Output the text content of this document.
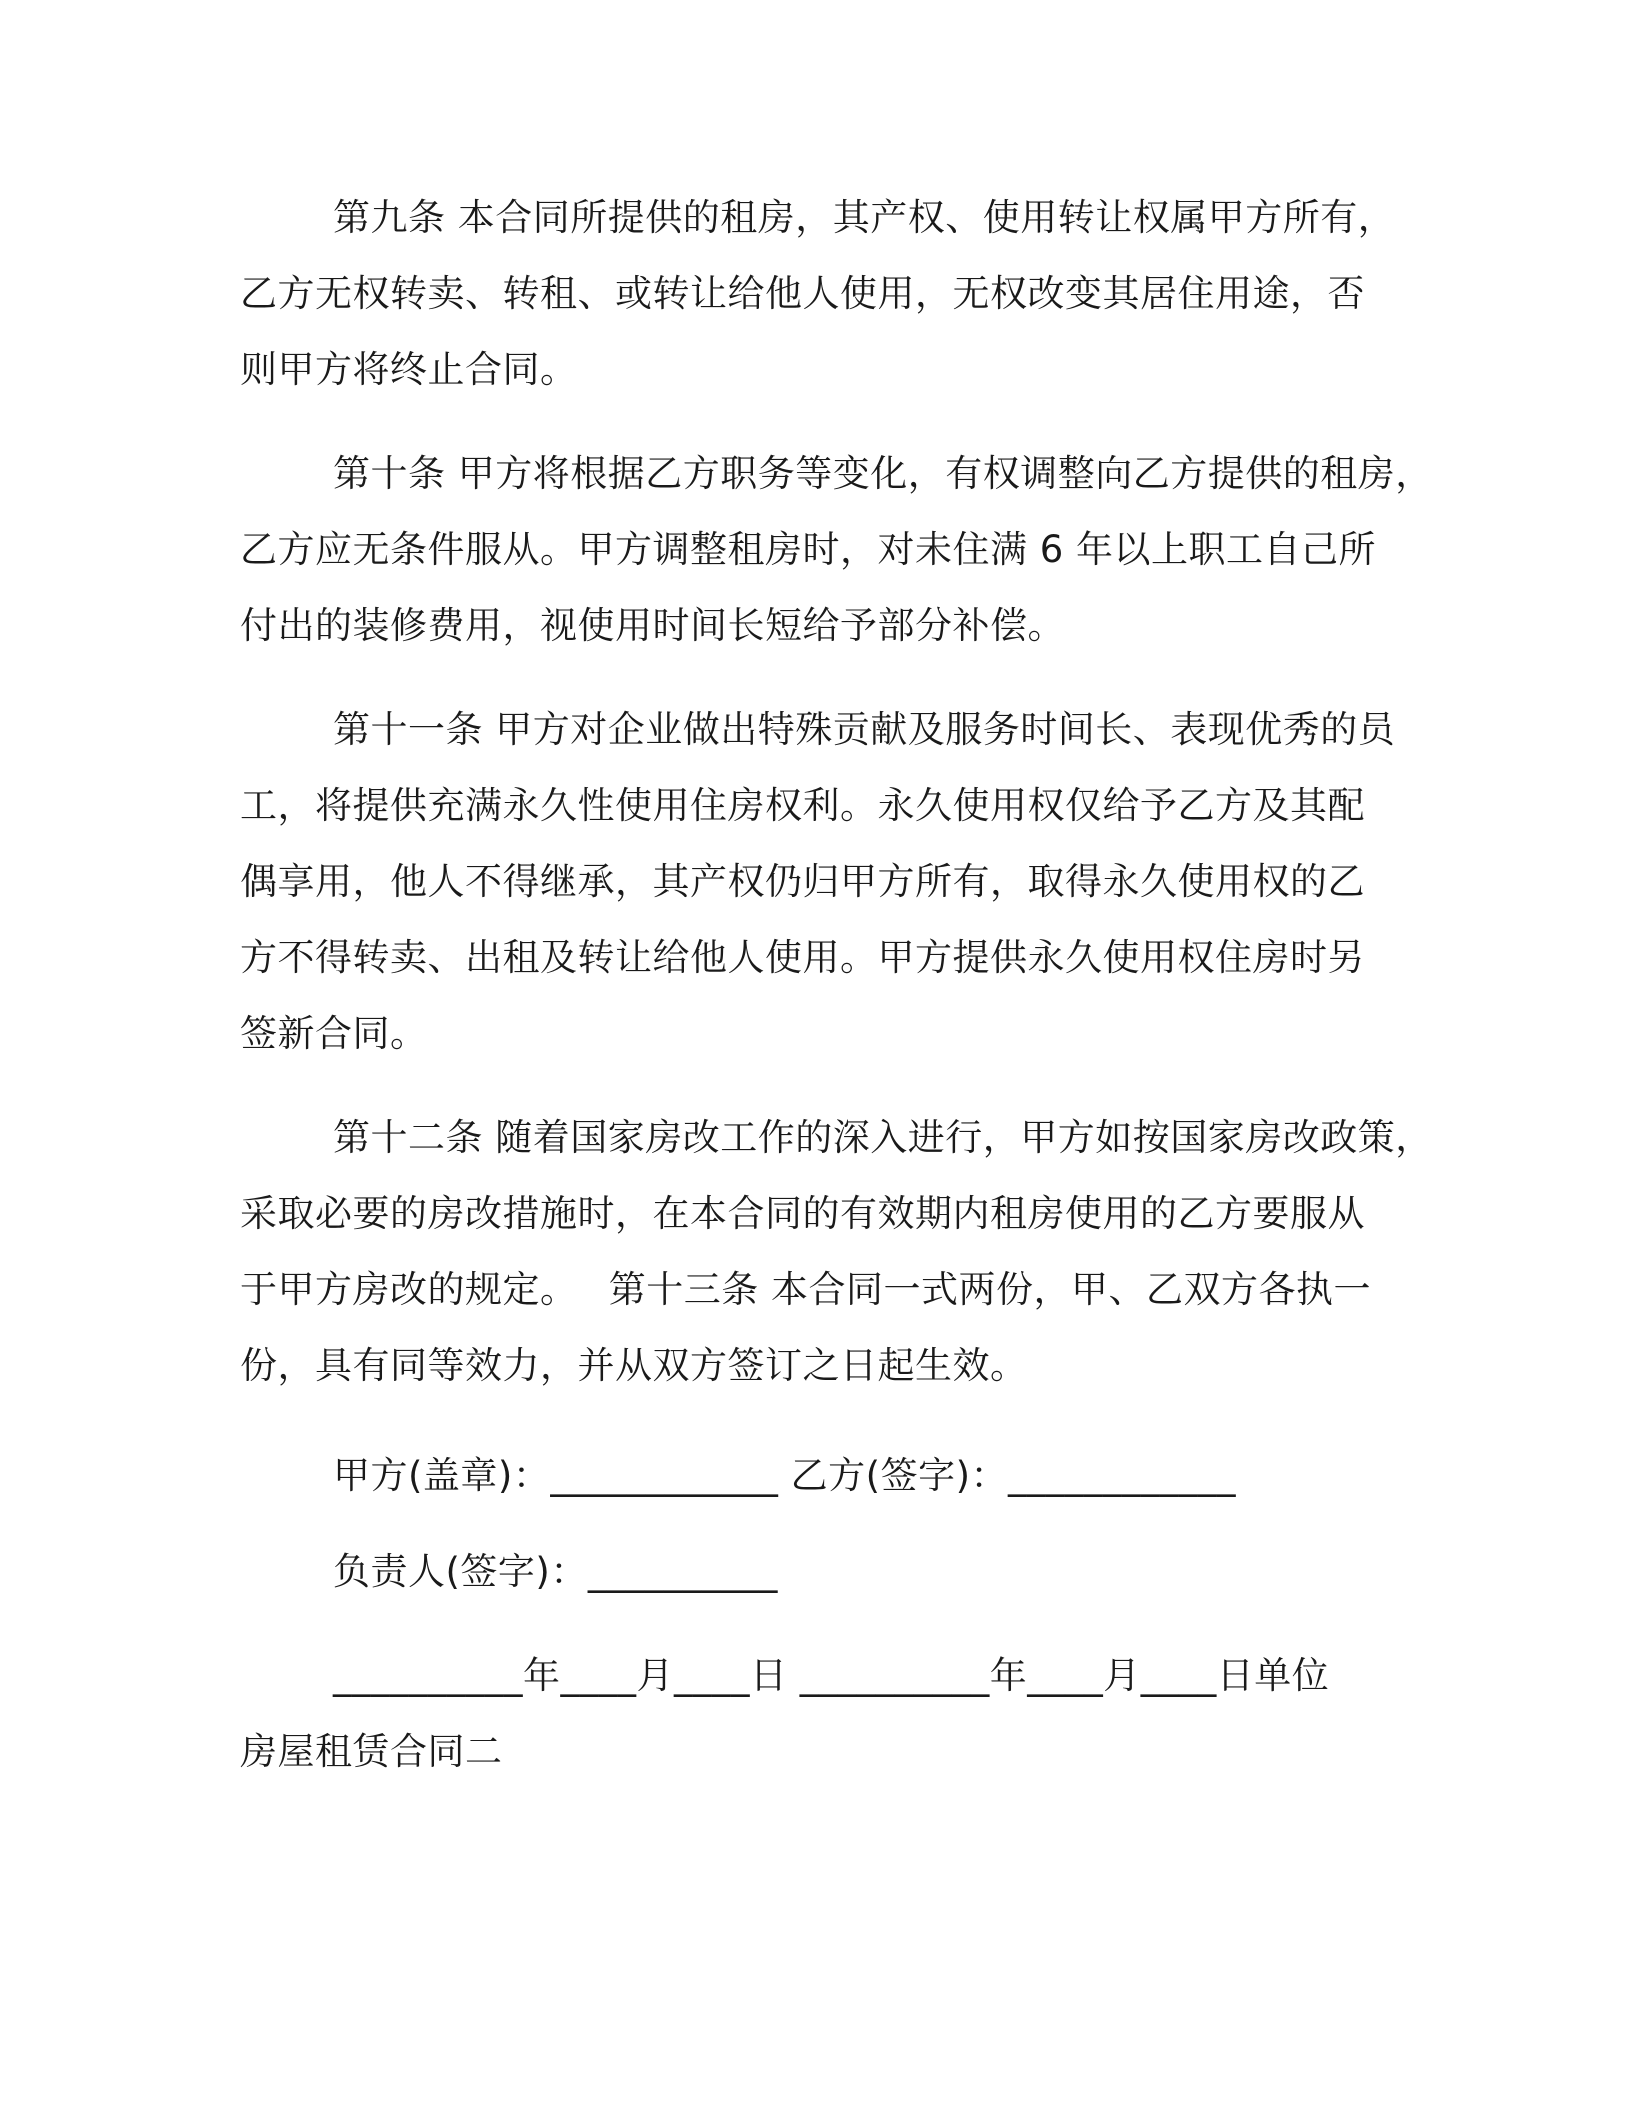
第九条 本合同所提供的租房，其产权、使用转让权属甲方所有，
乙方无权转卖、转租、或转让给他人使用，无权改变其居住用途，否
则甲方将终止合同。
第十条 甲方将根据乙方职务等变化，有权调整向乙方提供的租房，
乙方应无条件服从。甲方调整租房时，对未住满 6 年以上职工自己所
付出的装修费用，视使用时间长短给予部分补偿。
第十一条 甲方对企业做出特殊贡献及服务时间长、表现优秀的员
工，将提供充满永久性使用住房权利。永久使用权仅给予乙方及其配
偶享用，他人不得继承，其产权仍归甲方所有，取得永久使用权的乙
方不得转卖、出租及转让给他人使用。甲方提供永久使用权住房时另
签新合同。
第十二条 随着国家房改工作的深入进行，甲方如按国家房改政策，
采取必要的房改措施时，在本合同的有效期内租房使用的乙方要服从
于甲方房改的规定。　 第十三条 本合同一式两份，甲、乙双方各执一
份，具有同等效力，并从双方签订之日起生效。
甲方(盖章)：____________ 乙方(签字)：____________
负责人(签字)：__________
__________年____月____日 __________年____月____日单位
房屋租赁合同二
